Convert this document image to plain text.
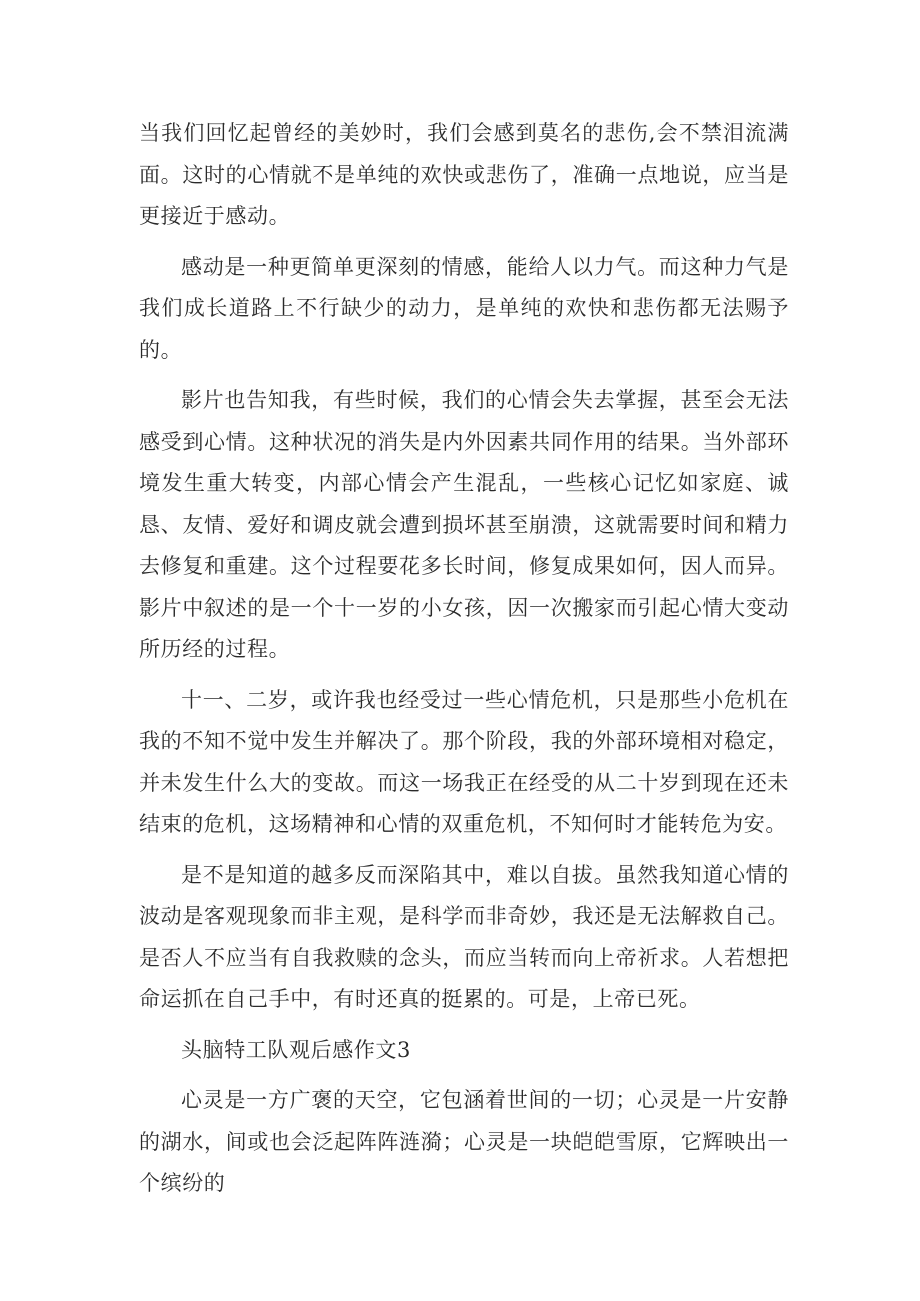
当我们回忆起曾经的美妙时，我们会感到莫名的悲伤,会不禁泪流满面。这时的心情就不是单纯的欢快或悲伤了，准确一点地说，应当是更接近于感动。

感动是一种更简单更深刻的情感，能给人以力气。而这种力气是我们成长道路上不行缺少的动力，是单纯的欢快和悲伤都无法赐予的。

影片也告知我，有些时候，我们的心情会失去掌握，甚至会无法感受到心情。这种状况的消失是内外因素共同作用的结果。当外部环境发生重大转变，内部心情会产生混乱，一些核心记忆如家庭、诚恳、友情、爱好和调皮就会遭到损坏甚至崩溃，这就需要时间和精力去修复和重建。这个过程要花多长时间，修复成果如何，因人而异。影片中叙述的是一个十一岁的小女孩，因一次搬家而引起心情大变动所历经的过程。

十一、二岁，或许我也经受过一些心情危机，只是那些小危机在我的不知不觉中发生并解决了。那个阶段，我的外部环境相对稳定，并未发生什么大的变故。而这一场我正在经受的从二十岁到现在还未结束的危机，这场精神和心情的双重危机，不知何时才能转危为安。

是不是知道的越多反而深陷其中，难以自拔。虽然我知道心情的波动是客观现象而非主观，是科学而非奇妙，我还是无法解救自己。是否人不应当有自我救赎的念头，而应当转而向上帝祈求。人若想把命运抓在自己手中，有时还真的挺累的。可是，上帝已死。

头脑特工队观后感作文3

心灵是一方广褒的天空，它包涵着世间的一切；心灵是一片安静的湖水，间或也会泛起阵阵涟漪；心灵是一块皑皑雪原，它辉映出一个缤纷的
